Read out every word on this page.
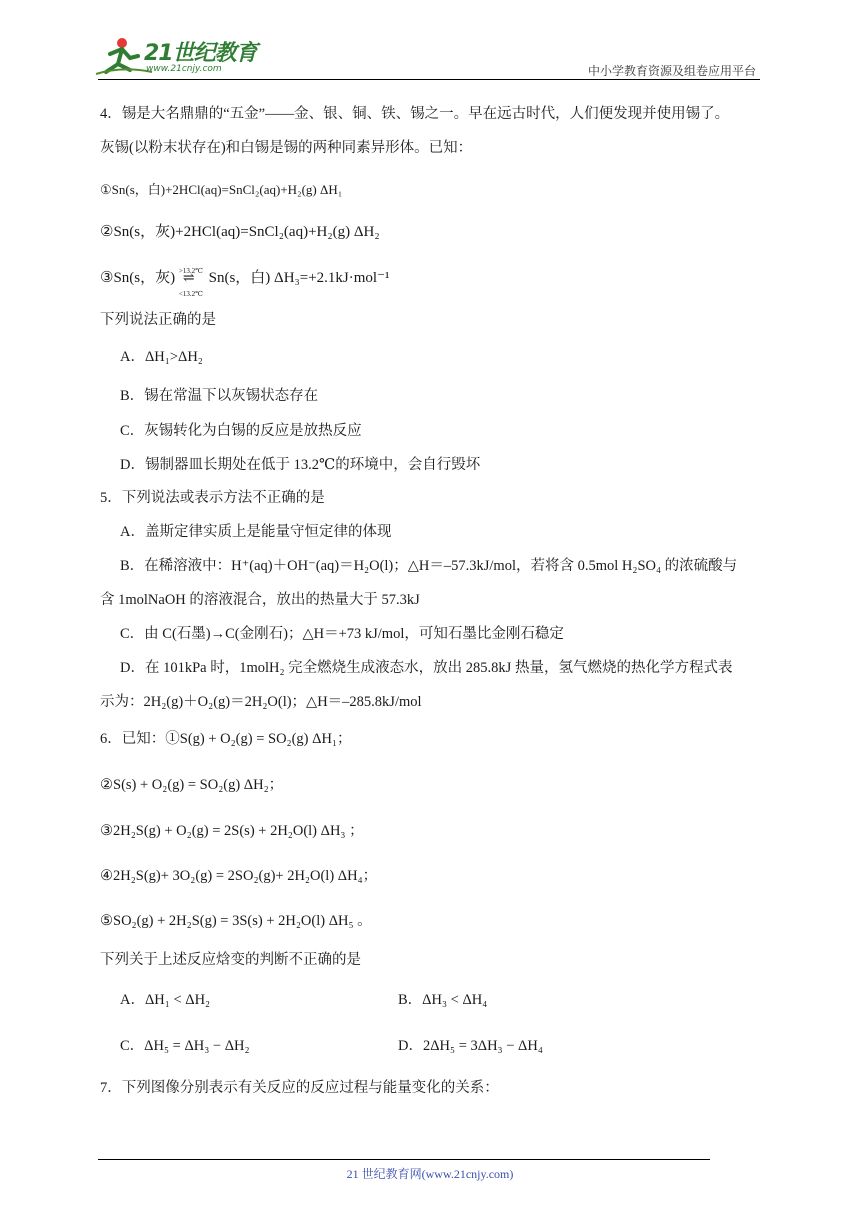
21世纪教育
www.21cnjy.com	中小学教育资源及组卷应用平台
4．锡是大名鼎鼎的“五金”——金、银、铜、铁、锡之一。早在远古时代，人们便发现并使用锡了。
灰锡(以粉末状存在)和白锡是锡的两种同素异形体。已知：
①Sn(s，白)+2HCl(aq)=SnCl₂(aq)+H₂(g) ΔH₁
②Sn(s，灰)+2HCl(aq)=SnCl₂(aq)+H₂(g) ΔH₂
③Sn(s，灰) >13.2℃
⇌
<13.2℃
Sn(s，白) ΔH₃=+2.1kJ·mol⁻¹
下列说法正确的是
A．ΔH₁>ΔH₂
B．锡在常温下以灰锡状态存在
C．灰锡转化为白锡的反应是放热反应
D．锡制器皿长期处在低于 13.2℃的环境中，会自行毁坏
5．下列说法或表示方法不正确的是
A．盖斯定律实质上是能量守恒定律的体现
B．在稀溶液中：H⁺(aq)＋OH⁻(aq)＝H₂O(l)；△H＝–57.3kJ/mol，若将含 0.5mol H₂SO₄ 的浓硫酸与
含 1molNaOH 的溶液混合，放出的热量大于 57.3kJ
C．由 C(石墨)→C(金刚石)；△H＝+73 kJ/mol，可知石墨比金刚石稳定
D．在 101kPa 时，1molH₂ 完全燃烧生成液态水，放出 285.8kJ 热量，氢气燃烧的热化学方程式表
示为：2H₂(g)＋O₂(g)＝2H₂O(l)；△H＝–285.8kJ/mol
6．已知：①S(g) + O₂(g) = SO₂(g) ΔH₁；
②S(s) + O₂(g) = SO₂(g) ΔH₂；
③2H₂S(g) + O₂(g) = 2S(s) + 2H₂O(l) ΔH₃ ；
④2H₂S(g)+ 3O₂(g) = 2SO₂(g)+ 2H₂O(l) ΔH₄；
⑤SO₂(g) + 2H₂S(g) = 3S(s) + 2H₂O(l) ΔH₅ 。
下列关于上述反应焓变的判断不正确的是
A．ΔH₁ < ΔH₂	B．ΔH₃ < ΔH₄
C．ΔH₅ = ΔH₃ − ΔH₂	D．2ΔH₅ = 3ΔH₃ − ΔH₄
7．下列图像分别表示有关反应的反应过程与能量变化的关系：
21 世纪教育网(www.21cnjy.com)
